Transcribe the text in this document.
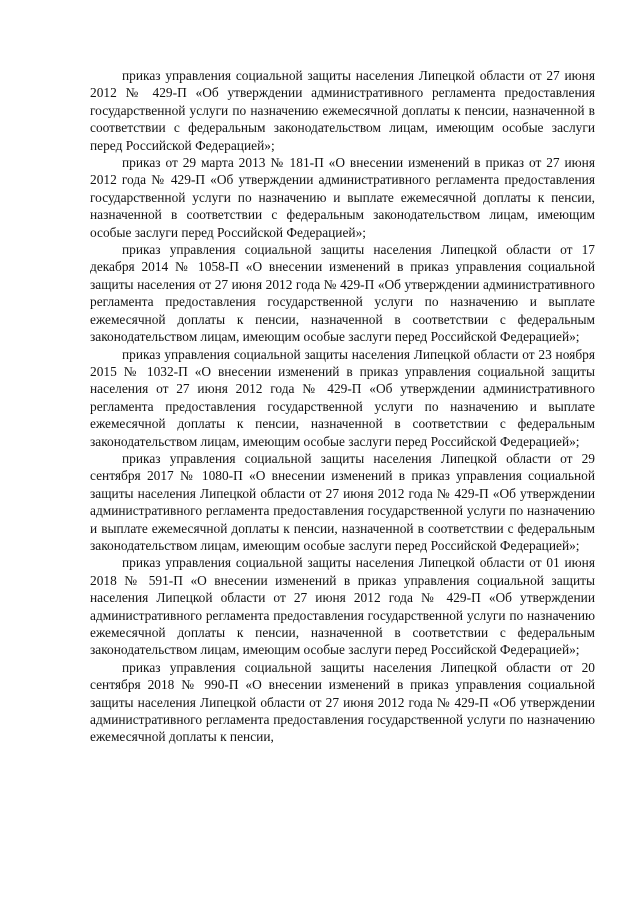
приказ управления социальной защиты населения Липецкой области от 27 июня 2012 № 429-П «Об утверждении административного регламента предоставления государственной услуги по назначению ежемесячной доплаты к пенсии, назначенной в соответствии с федеральным законодательством лицам, имеющим особые заслуги перед Российской Федерацией»;

приказ от 29 марта 2013 № 181-П «О внесении изменений в приказ от 27 июня 2012 года № 429-П «Об утверждении административного регламента предоставления государственной услуги по назначению и выплате ежемесячной доплаты к пенсии, назначенной в соответствии с федеральным законодательством лицам, имеющим особые заслуги перед Российской Федерацией»;

приказ управления социальной защиты населения Липецкой области от 17 декабря 2014 № 1058-П «О внесении изменений в приказ управления социальной защиты населения от 27 июня 2012 года № 429-П «Об утверждении административного регламента предоставления государственной услуги по назначению и выплате ежемесячной доплаты к пенсии, назначенной в соответствии с федеральным законодательством лицам, имеющим особые заслуги перед Российской Федерацией»;

приказ управления социальной защиты населения Липецкой области от 23 ноября 2015 № 1032-П «О внесении изменений в приказ управления социальной защиты населения от 27 июня 2012 года № 429-П «Об утверждении административного регламента предоставления государственной услуги по назначению и выплате ежемесячной доплаты к пенсии, назначенной в соответствии с федеральным законодательством лицам, имеющим особые заслуги перед Российской Федерацией»;

приказ управления социальной защиты населения Липецкой области от 29 сентября 2017 № 1080-П «О внесении изменений в приказ управления социальной защиты населения Липецкой области от 27 июня 2012 года № 429-П «Об утверждении административного регламента предоставления государственной услуги по назначению и выплате ежемесячной доплаты к пенсии, назначенной в соответствии с федеральным законодательством лицам, имеющим особые заслуги перед Российской Федерацией»;

приказ управления социальной защиты населения Липецкой области от 01 июня 2018 № 591-П «О внесении изменений в приказ управления социальной защиты населения Липецкой области от 27 июня 2012 года № 429-П «Об утверждении административного регламента предоставления государственной услуги по назначению ежемесячной доплаты к пенсии, назначенной в соответствии с федеральным законодательством лицам, имеющим особые заслуги перед Российской Федерацией»;

приказ управления социальной защиты населения Липецкой области от 20 сентября 2018 № 990-П «О внесении изменений в приказ управления социальной защиты населения Липецкой области от 27 июня 2012 года № 429-П «Об утверждении административного регламента предоставления государственной услуги по назначению ежемесячной доплаты к пенсии,
